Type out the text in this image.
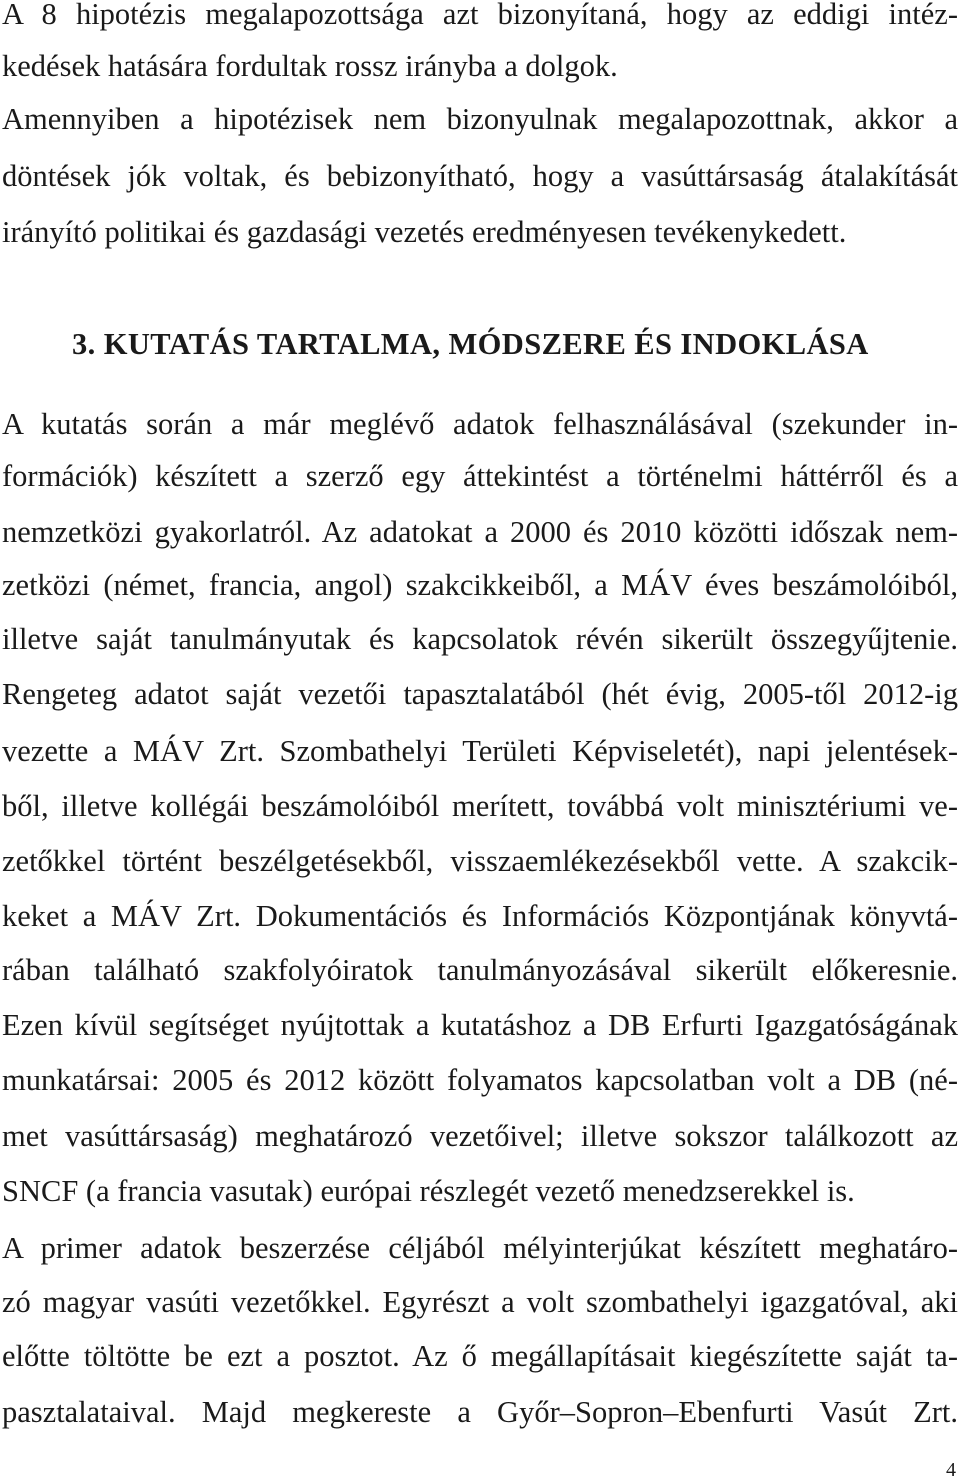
A 8 hipotézis megalapozottsága azt bizonyítaná, hogy az eddigi intéz-
kedések hatására fordultak rossz irányba a dolgok.
Amennyiben a hipotézisek nem bizonyulnak megalapozottnak, akkor a
döntések jók voltak, és bebizonyítható, hogy a vasúttársaság átalakítását
irányító politikai és gazdasági vezetés eredményesen tevékenykedett.
3. KUTATÁS TARTALMA, MÓDSZERE ÉS INDOKLÁSA
A kutatás során a már meglévő adatok felhasználásával (szekunder in-
formációk) készített a szerző egy áttekintést a történelmi háttérről és a
nemzetközi gyakorlatról. Az adatokat a 2000 és 2010 közötti időszak nem-
zetközi (német, francia, angol) szakcikkeiből, a MÁV éves beszámolóiból,
illetve saját tanulmányutak és kapcsolatok révén sikerült összegyűjtenie.
Rengeteg adatot saját vezetői tapasztalatából (hét évig, 2005-től 2012-ig
vezette a MÁV Zrt. Szombathelyi Területi Képviseletét), napi jelentések-
ből, illetve kollégái beszámolóiból merített, továbbá volt minisztériumi ve-
zetőkkel történt beszélgetésekből, visszaemlékezésekből vette. A szakcik-
keket a MÁV Zrt. Dokumentációs és Információs Központjának könyvtá-
rában található szakfolyóiratok tanulmányozásával sikerült előkeresnie.
Ezen kívül segítséget nyújtottak a kutatáshoz a DB Erfurti Igazgatóságának
munkatársai: 2005 és 2012 között folyamatos kapcsolatban volt a DB (né-
met vasúttársaság) meghatározó vezetőivel; illetve sokszor találkozott az
SNCF (a francia vasutak) európai részlegét vezető menedzserekkel is.
A primer adatok beszerzése céljából mélyinterjúkat készített meghatáro-
zó magyar vasúti vezetőkkel. Egyrészt a volt szombathelyi igazgatóval, aki
előtte töltötte be ezt a posztot. Az ő megállapításait kiegészítette saját ta-
pasztalataival. Majd megkereste a Győr–Sopron–Ebenfurti Vasút Zrt.
4
